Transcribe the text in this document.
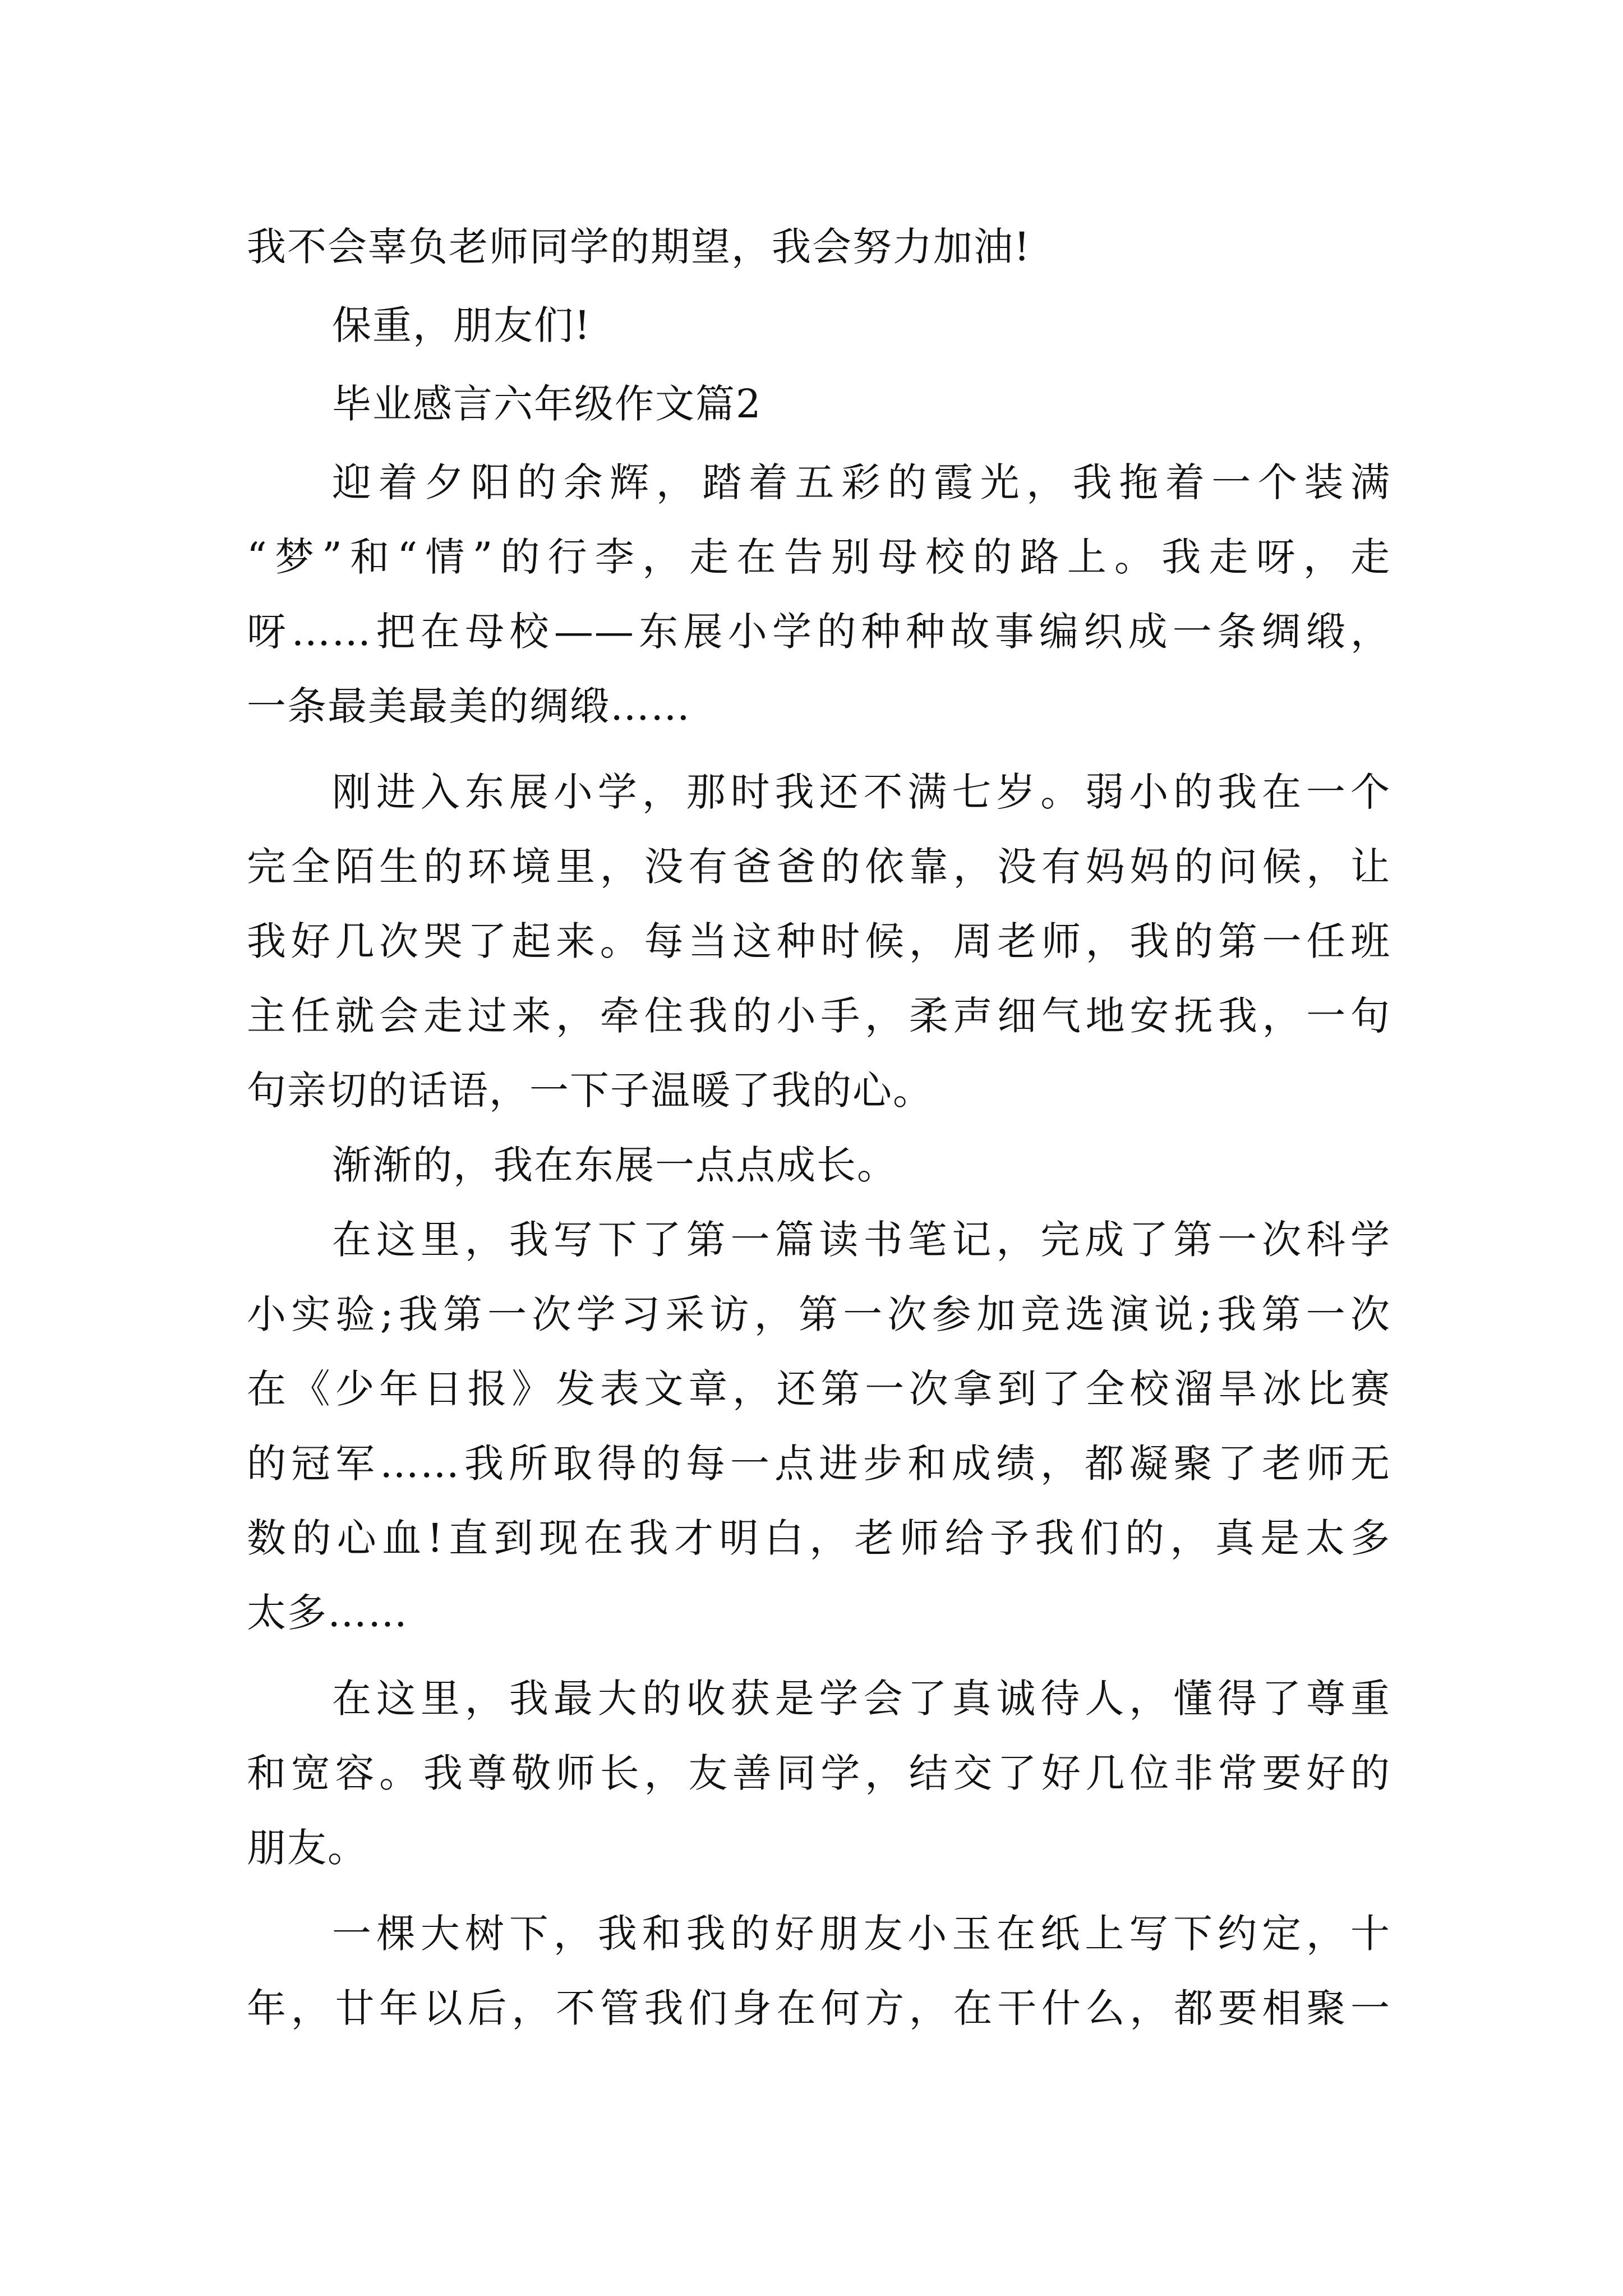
我不会辜负老师同学的期望，我会努力加油!
保重，朋友们!
毕业感言六年级作文篇2
迎着夕阳的余辉，踏着五彩的霞光，我拖着一个装满
“梦”和“情”的行李，走在告别母校的路上。我走呀，走
呀……把在母校——东展小学的种种故事编织成一条绸缎，
一条最美最美的绸缎……
刚进入东展小学，那时我还不满七岁。弱小的我在一个
完全陌生的环境里，没有爸爸的依靠，没有妈妈的问候，让
我好几次哭了起来。每当这种时候，周老师，我的第一任班
主任就会走过来，牵住我的小手，柔声细气地安抚我，一句
句亲切的话语，一下子温暖了我的心。
渐渐的，我在东展一点点成长。
在这里，我写下了第一篇读书笔记，完成了第一次科学
小实验;我第一次学习采访，第一次参加竞选演说;我第一次
在《少年日报》发表文章，还第一次拿到了全校溜旱冰比赛
的冠军……我所取得的每一点进步和成绩，都凝聚了老师无
数的心血!直到现在我才明白，老师给予我们的，真是太多
太多……
在这里，我最大的收获是学会了真诚待人，懂得了尊重
和宽容。我尊敬师长，友善同学，结交了好几位非常要好的
朋友。
一棵大树下，我和我的好朋友小玉在纸上写下约定，十
年，廿年以后，不管我们身在何方，在干什么，都要相聚一
